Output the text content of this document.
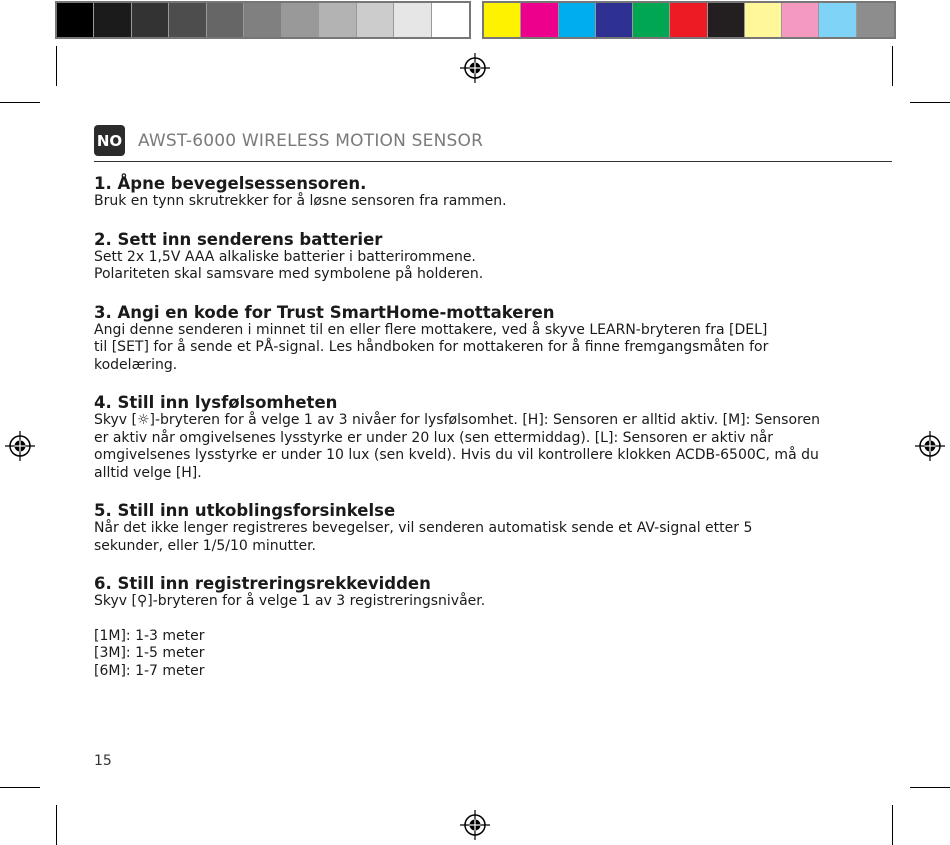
NO AWST-6000 WIRELESS MOTION SENSOR
1. Åpne bevegelsessensoren.
Bruk en tynn skrutrekker for å løsne sensoren fra rammen.
2. Sett inn senderens batterier
Sett 2x 1,5V AAA alkaliske batterier i batterirommene.
Polariteten skal samsvare med symbolene på holderen.
3. Angi en kode for Trust SmartHome-mottakeren
Angi denne senderen i minnet til en eller flere mottakere, ved å skyve LEARN-bryteren fra [DEL]
til [SET] for å sende et PÅ-signal. Les håndboken for mottakeren for å finne fremgangsmåten for
kodelæring.
4. Still inn lysfølsomheten
Skyv [☼]-bryteren for å velge 1 av 3 nivåer for lysfølsomhet. [H]: Sensoren er alltid aktiv. [M]: Sensoren
er aktiv når omgivelsenes lysstyrke er under 20 lux (sen ettermiddag). [L]: Sensoren er aktiv når
omgivelsenes lysstyrke er under 10 lux (sen kveld). Hvis du vil kontrollere klokken ACDB-6500C, må du
alltid velge [H].
5. Still inn utkoblingsforsinkelse
Når det ikke lenger registreres bevegelser, vil senderen automatisk sende et AV-signal etter 5
sekunder, eller 1/5/10 minutter.
6. Still inn registreringsrekkevidden
Skyv [⚲]-bryteren for å velge 1 av 3 registreringsnivåer.
[1M]: 1-3 meter
[3M]: 1-5 meter
[6M]: 1-7 meter
15
